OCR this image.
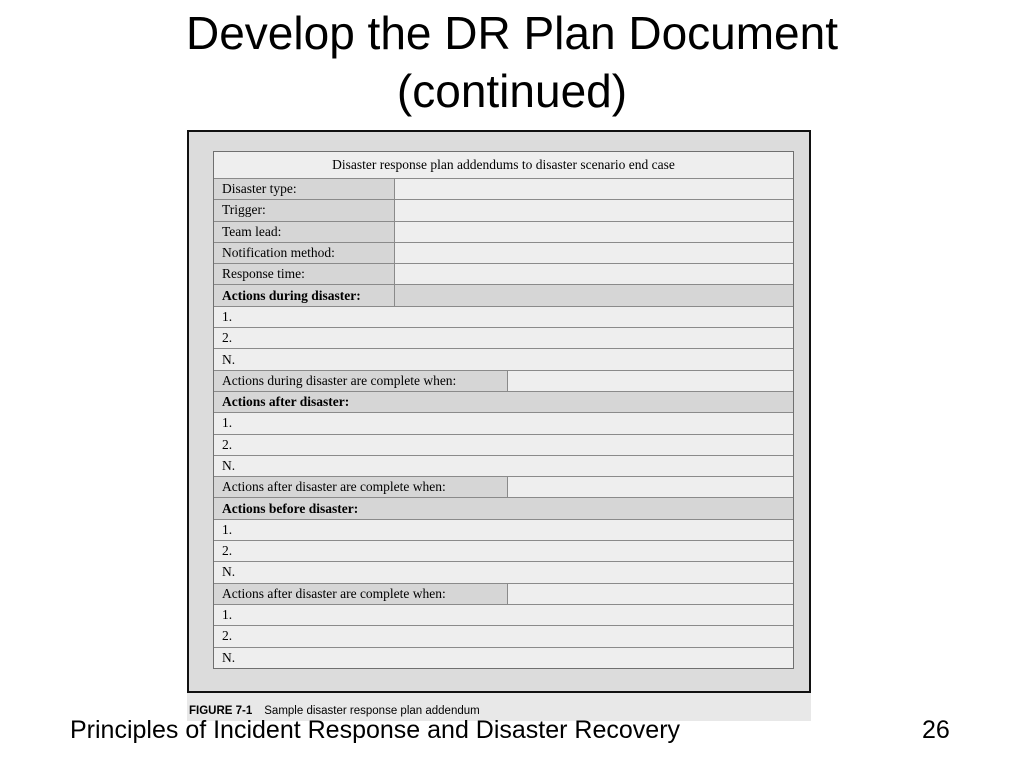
Develop the DR Plan Document
(continued)
Disaster response plan addendums to disaster scenario end case
Disaster type:
Trigger:
Team lead:
Notification method:
Response time:
Actions during disaster:
1.
2.
N.
Actions during disaster are complete when:
Actions after disaster:
1.
2.
N.
Actions after disaster are complete when:
Actions before disaster:
1.
2.
N.
Actions after disaster are complete when:
1.
2.
N.
FIGURE 7-1 Sample disaster response plan addendum
Principles of Incident Response and Disaster Recovery	26
